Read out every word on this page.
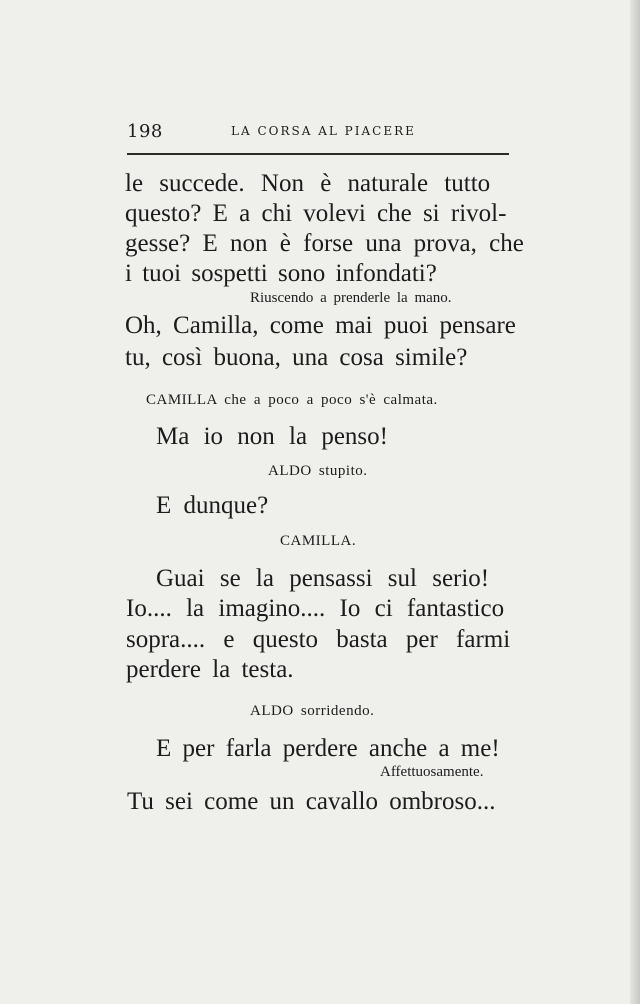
198	LA CORSA AL PIACERE
le succede. Non è naturale tutto
questo? E a chi volevi che si rivol-
gesse? E non è forse una prova, che
i tuoi sospetti sono infondati?
Riuscendo a prenderle la mano.
Oh, Camilla, come mai puoi pensare
tu, così buona, una cosa simile?
CAMILLA che a poco a poco s'è calmata.
Ma io non la penso!
ALDO stupito.
E dunque?
CAMILLA.
Guai se la pensassi sul serio!
Io.... la imagino.... Io ci fantastico
sopra.... e questo basta per farmi
perdere la testa.
ALDO sorridendo.
E per farla perdere anche a me!
Affettuosamente.
Tu sei come un cavallo ombroso...
